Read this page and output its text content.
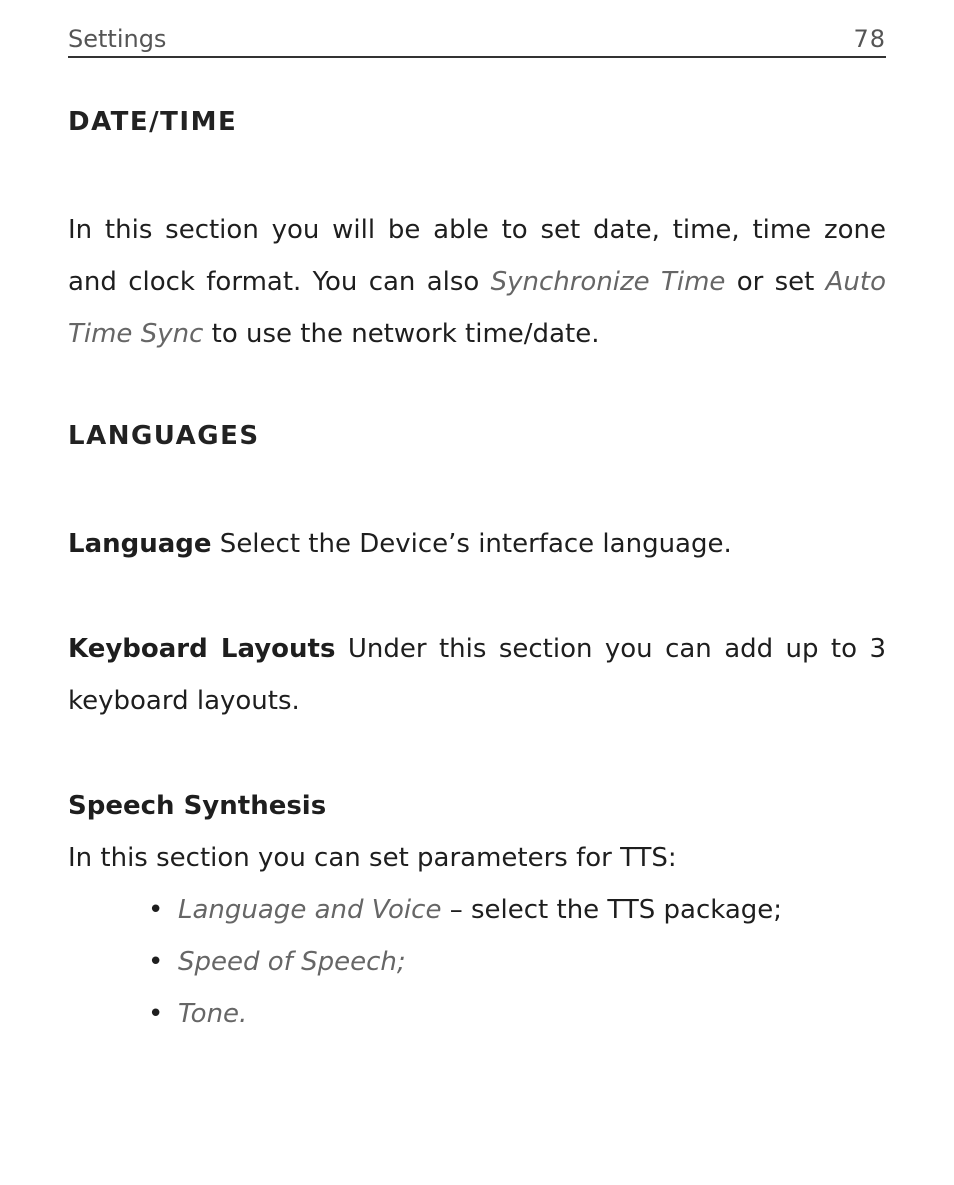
Settings	78
DATE/TIME

In this section you will be able to set date, time, time zone and clock format. You can also Synchronize Time or set Auto Time Sync to use the network time/date.

LANGUAGES

Language Select the Device’s interface language.

Keyboard Layouts Under this section you can add up to 3 keyboard layouts.

Speech Synthesis

In this section you can set parameters for TTS:

• Language and Voice – select the TTS package;
• Speed of Speech;
• Tone.
